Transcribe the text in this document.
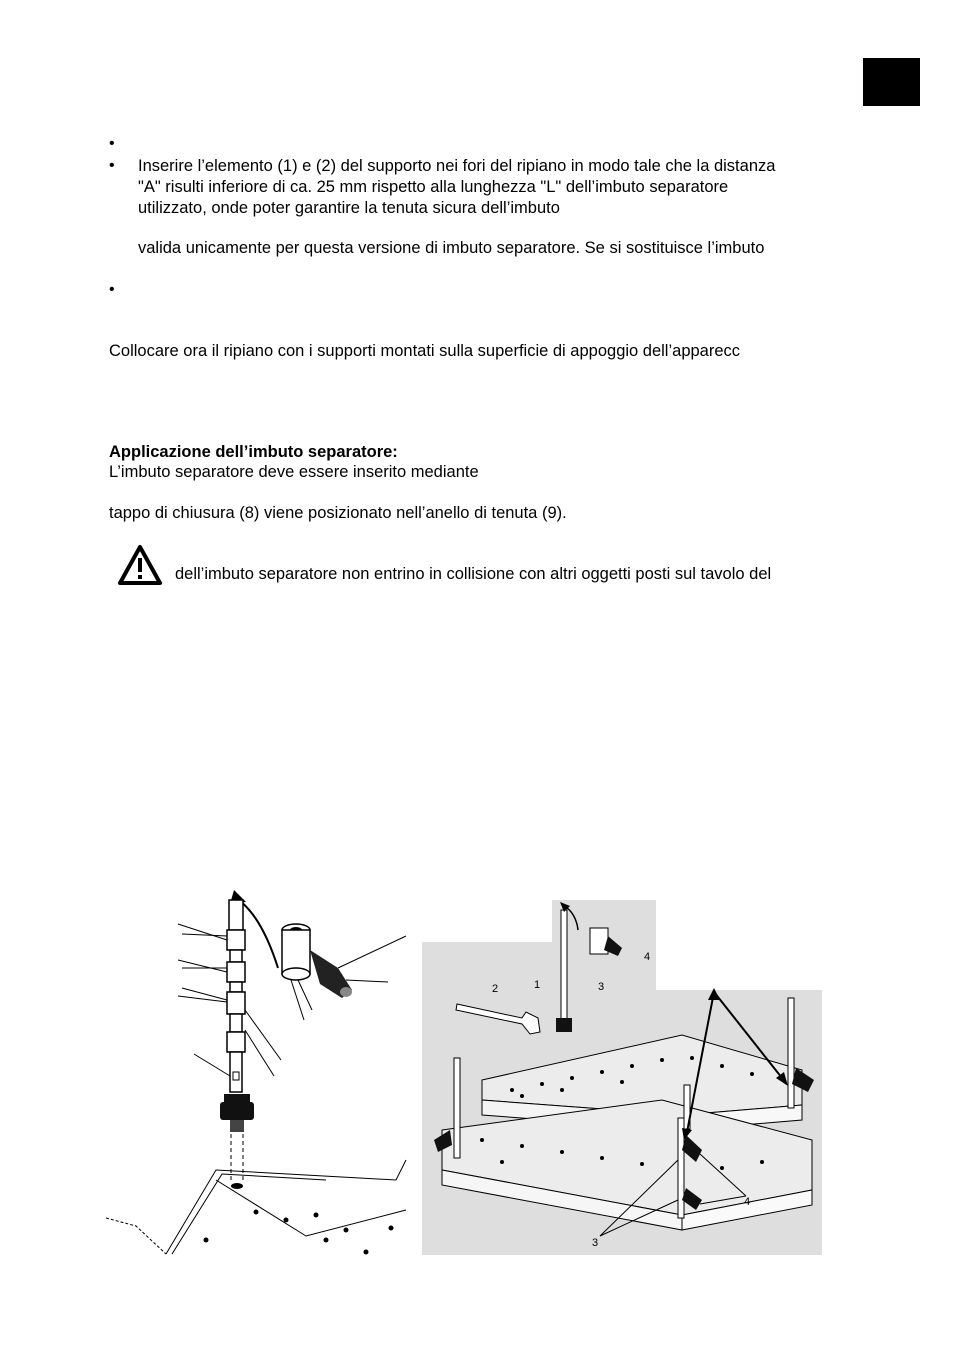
•
• Inserire l’elemento (1) e (2) del supporto nei fori del ripiano in modo tale che la distanza
"A" risulti inferiore di ca. 25 mm rispetto alla lunghezza "L" dell’imbuto separatore
utilizzato, onde poter garantire la tenuta sicura dell’imbuto
valida unicamente per questa versione di imbuto separatore. Se si sostituisce l’imbuto
•
Collocare ora il ripiano con i supporti montati sulla superficie di appoggio dell’apparecc
Applicazione dell’imbuto separatore:
L’imbuto separatore deve essere inserito mediante
tappo di chiusura (8) viene posizionato nell’anello di tenuta (9).
dell’imbuto separatore non entrino in collisione con altri oggetti posti sul tavolo del
1
2	3
4
4
3
